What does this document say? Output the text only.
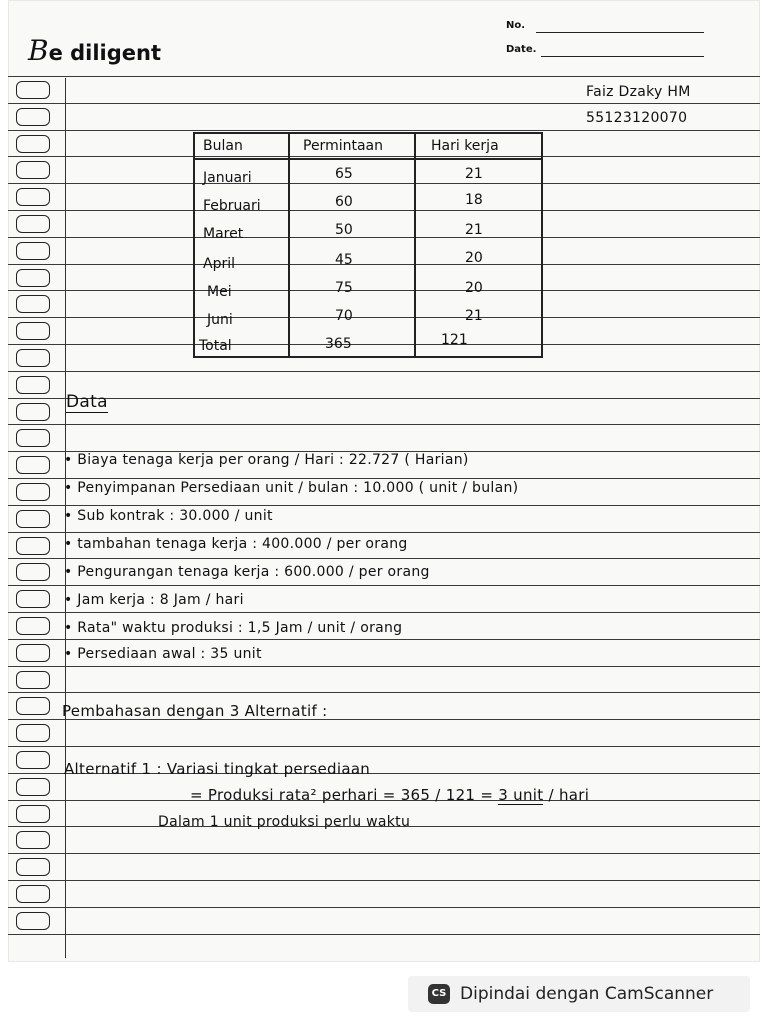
Be diligent
No.
Date.
Faiz Dzaky HM
55123120070
Bulan	Permintaan	Hari kerja
Januari	65	21
Februari	60	18
Maret	50	21
April	45	20
Mei	75	20
Juni	70	21
Total	365	121
Data
• Biaya tenaga kerja per orang / Hari : 22.727 ( Harian)
• Penyimpanan Persediaan unit / bulan : 10.000 ( unit / bulan)
• Sub kontrak : 30.000 / unit
• tambahan tenaga kerja : 400.000 / per orang
• Pengurangan tenaga kerja : 600.000 / per orang
• Jam kerja : 8 Jam / hari
• Rata" waktu produksi : 1,5 Jam / unit / orang
• Persediaan awal : 35 unit
Pembahasan dengan 3 Alternatif :
Alternatif 1 : Variasi tingkat persediaan
= Produksi rata² perhari = 365 / 121 = 3 unit / hari
Dalam 1 unit produksi perlu waktu
CS Dipindai dengan CamScanner
